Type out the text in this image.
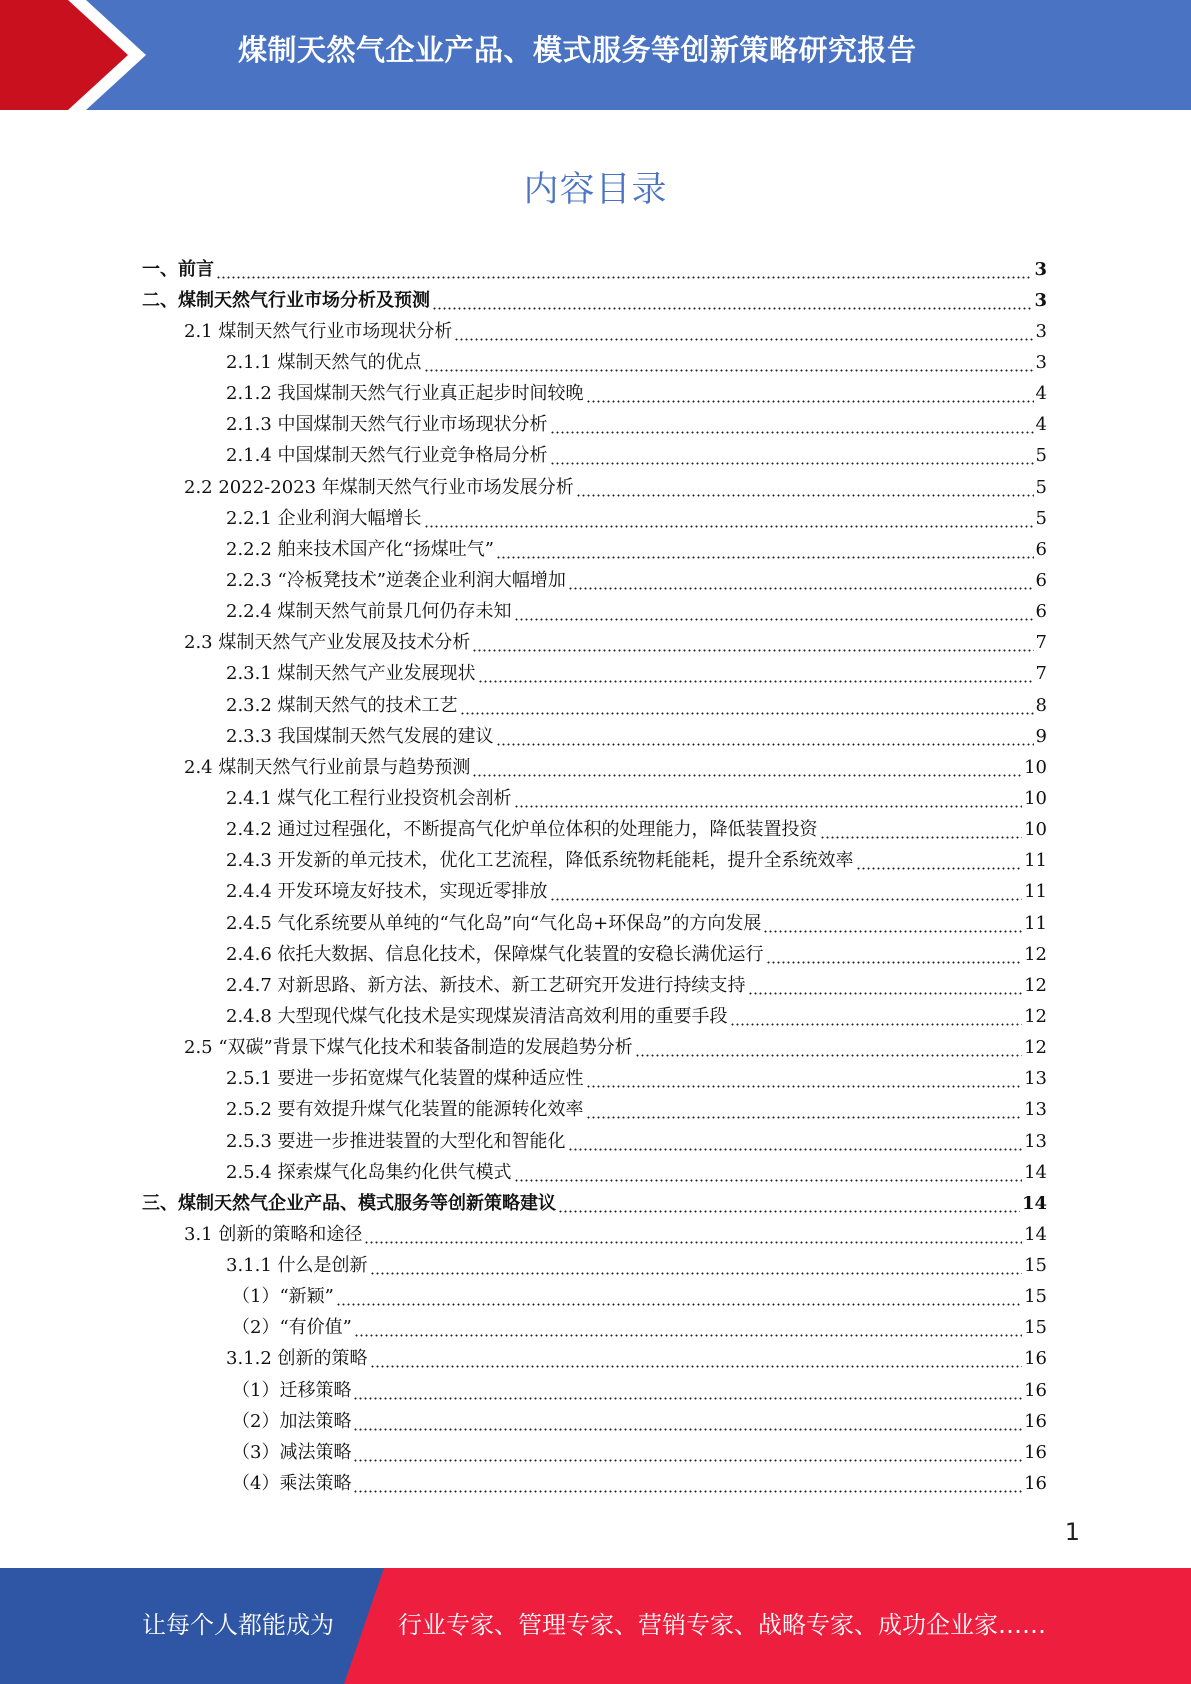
煤制天然气企业产品、模式服务等创新策略研究报告
内容目录
一、前言	3
二、煤制天然气行业市场分析及预测	3
2.1 煤制天然气行业市场现状分析	3
2.1.1 煤制天然气的优点	3
2.1.2 我国煤制天然气行业真正起步时间较晚	4
2.1.3 中国煤制天然气行业市场现状分析	4
2.1.4 中国煤制天然气行业竞争格局分析	5
2.2 2022-2023 年煤制天然气行业市场发展分析	5
2.2.1 企业利润大幅增长	5
2.2.2 舶来技术国产化“扬煤吐气”	6
2.2.3 “冷板凳技术”逆袭企业利润大幅增加	6
2.2.4 煤制天然气前景几何仍存未知	6
2.3 煤制天然气产业发展及技术分析	7
2.3.1 煤制天然气产业发展现状	7
2.3.2 煤制天然气的技术工艺	8
2.3.3 我国煤制天然气发展的建议	9
2.4 煤制天然气行业前景与趋势预测	10
2.4.1 煤气化工程行业投资机会剖析	10
2.4.2 通过过程强化，不断提高气化炉单位体积的处理能力，降低装置投资	10
2.4.3 开发新的单元技术，优化工艺流程，降低系统物耗能耗，提升全系统效率	11
2.4.4 开发环境友好技术，实现近零排放	11
2.4.5 气化系统要从单纯的“气化岛”向“气化岛+环保岛”的方向发展	11
2.4.6 依托大数据、信息化技术，保障煤气化装置的安稳长满优运行	12
2.4.7 对新思路、新方法、新技术、新工艺研究开发进行持续支持	12
2.4.8 大型现代煤气化技术是实现煤炭清洁高效利用的重要手段	12
2.5 “双碳”背景下煤气化技术和装备制造的发展趋势分析	12
2.5.1 要进一步拓宽煤气化装置的煤种适应性	13
2.5.2 要有效提升煤气化装置的能源转化效率	13
2.5.3 要进一步推进装置的大型化和智能化	13
2.5.4 探索煤气化岛集约化供气模式	14
三、煤制天然气企业产品、模式服务等创新策略建议	14
3.1 创新的策略和途径	14
3.1.1 什么是创新	15
（1）“新颖”	15
（2）“有价值”	15
3.1.2 创新的策略	16
（1）迁移策略	16
（2）加法策略	16
（3）减法策略	16
（4）乘法策略	16
1
让每个人都能成为	行业专家、管理专家、营销专家、战略专家、成功企业家……
